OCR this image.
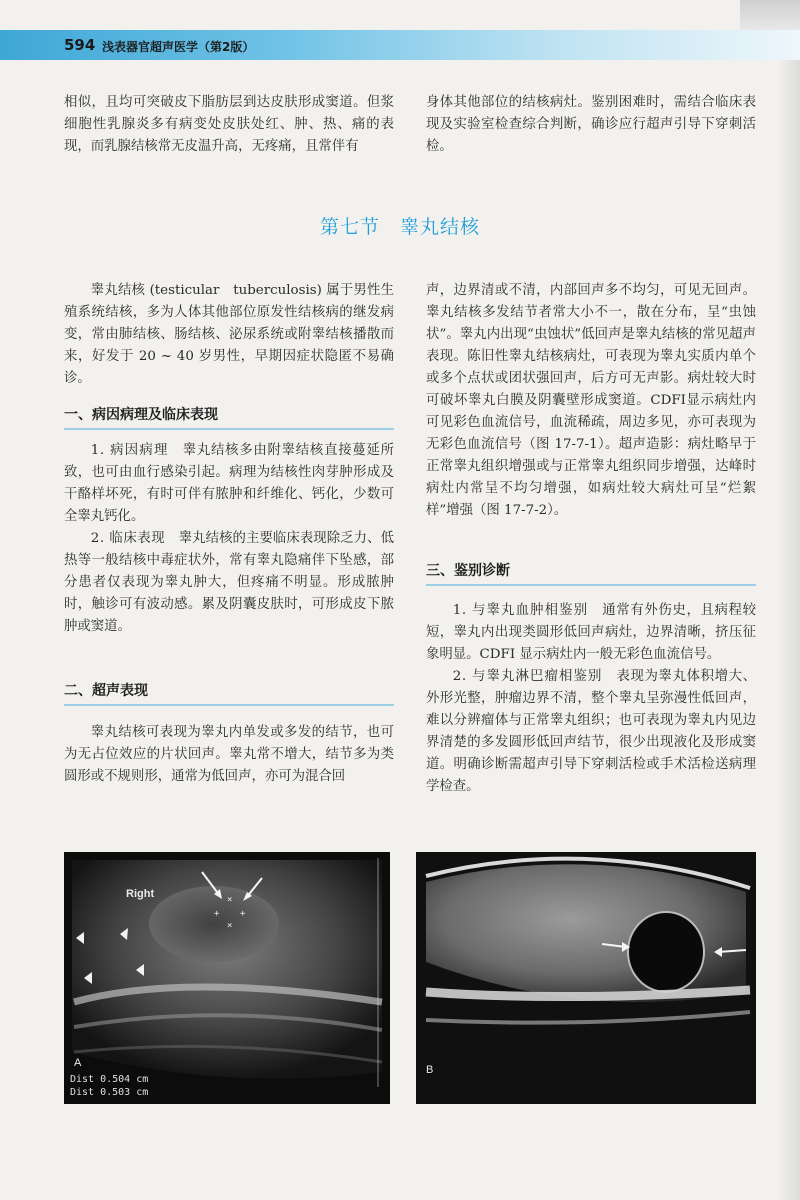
594 浅表器官超声医学（第2版）

相似，且均可突破皮下脂肪层到达皮肤形成窦道。但浆细胞性乳腺炎多有病变处皮肤处红、肿、热、痛的表现，而乳腺结核常无皮温升高，无疼痛，且常伴有

身体其他部位的结核病灶。鉴别困难时，需结合临床表现及实验室检查综合判断，确诊应行超声引导下穿刺活检。

第七节　睾丸结核

睾丸结核 (testicular　tuberculosis) 属于男性生殖系统结核，多为人体其他部位原发性结核病的继发病变，常由肺结核、肠结核、泌尿系统或附睾结核播散而来，好发于 20 ~ 40 岁男性，早期因症状隐匿不易确诊。

一、病因病理及临床表现

1. 病因病理　睾丸结核多由附睾结核直接蔓延所致，也可由血行感染引起。病理为结核性肉芽肿形成及干酪样坏死，有时可伴有脓肿和纤维化、钙化，少数可全睾丸钙化。

2. 临床表现　睾丸结核的主要临床表现除乏力、低热等一般结核中毒症状外，常有睾丸隐痛伴下坠感，部分患者仅表现为睾丸肿大，但疼痛不明显。形成脓肿时，触诊可有波动感。累及阴囊皮肤时，可形成皮下脓肿或窦道。

二、超声表现

睾丸结核可表现为睾丸内单发或多发的结节，也可为无占位效应的片状回声。睾丸常不增大，结节多为类圆形或不规则形，通常为低回声，亦可为混合回

声，边界清或不清，内部回声多不均匀，可见无回声。睾丸结核多发结节者常大小不一，散在分布，呈“虫蚀状”。睾丸内出现“虫蚀状”低回声是睾丸结核的常见超声表现。陈旧性睾丸结核病灶，可表现为睾丸实质内单个或多个点状或团状强回声，后方可无声影。病灶较大时可破坏睾丸白膜及阴囊壁形成窦道。CDFI显示病灶内可见彩色血流信号，血流稀疏，周边多见，亦可表现为无彩色血流信号（图 17-7-1）。超声造影：病灶略早于正常睾丸组织增强或与正常睾丸组织同步增强，达峰时病灶内常呈不均匀增强，如病灶较大病灶可呈“烂絮样”增强（图 17-7-2）。

三、鉴别诊断

1. 与睾丸血肿相鉴别　通常有外伤史，且病程较短，睾丸内出现类圆形低回声病灶，边界清晰，挤压征象明显。CDFI 显示病灶内一般无彩色血流信号。

2. 与睾丸淋巴瘤相鉴别　表现为睾丸体积增大、外形光整，肿瘤边界不清，整个睾丸呈弥漫性低回声，难以分辨瘤体与正常睾丸组织；也可表现为睾丸内见边界清楚的多发圆形低回声结节，很少出现液化及形成窦道。明确诊断需超声引导下穿刺活检或手术活检送病理学检查。

+ +
×
×
Right
A
Dist 0.504 cm
Dist 0.503 cm
B
